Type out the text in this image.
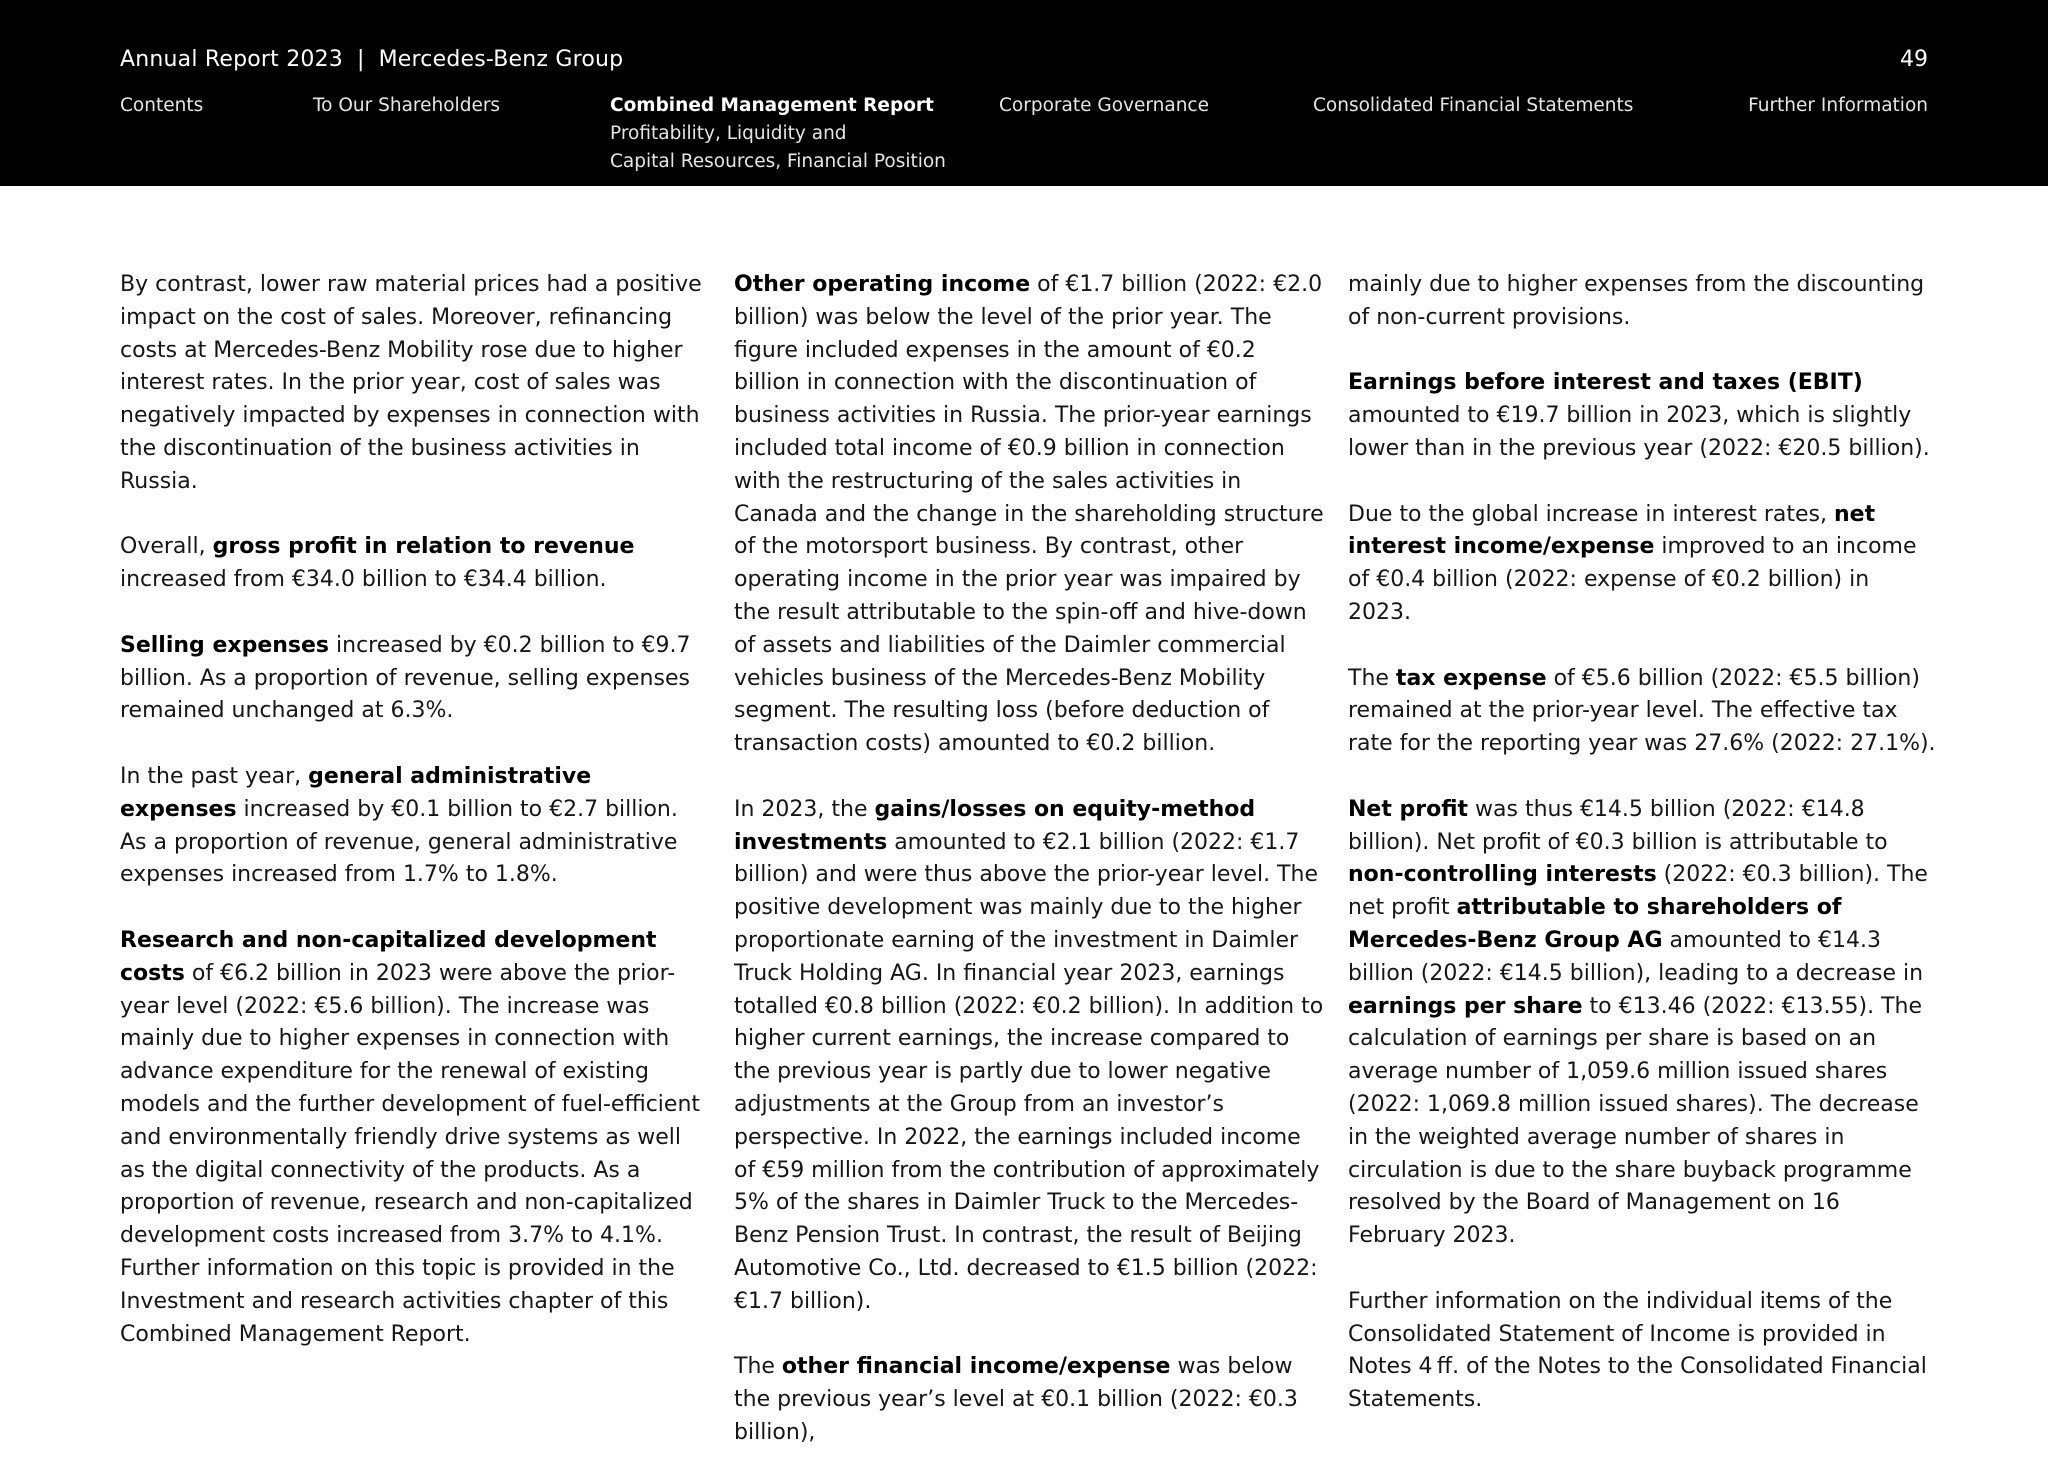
Annual Report 2023 | Mercedes-Benz Group	49
Contents	To Our Shareholders	Combined Management Report
Profitability, Liquidity and
Capital Resources, Financial Position
Corporate Governance	Consolidated Financial Statements	Further Information

By contrast, lower raw material prices had a positive impact on the cost of sales. Moreover, refinancing costs at Mercedes-Benz Mobility rose due to higher interest rates. In the prior year, cost of sales was negatively impacted by expenses in connection with the discontinuation of the business activities in Russia.

Overall, gross profit in relation to revenue increased from €34.0 billion to €34.4 billion.

Selling expenses increased by €0.2 billion to €9.7 billion. As a proportion of revenue, selling expenses remained unchanged at 6.3%.

In the past year, general administrative expenses increased by €0.1 billion to €2.7 billion. As a proportion of revenue, general administrative expenses increased from 1.7% to 1.8%.

Research and non-capitalized development costs of €6.2 billion in 2023 were above the prior-year level (2022: €5.6 billion). The increase was mainly due to higher expenses in connection with advance expenditure for the renewal of existing models and the further development of fuel-efficient and environmentally friendly drive systems as well as the digital connectivity of the products. As a proportion of revenue, research and non-capitalized development costs increased from 3.7% to 4.1%. Further information on this topic is provided in the Investment and research activities chapter of this Combined Management Report.

Other operating income of €1.7 billion (2022: €2.0 billion) was below the level of the prior year. The figure included expenses in the amount of €0.2 billion in connection with the discontinuation of business activities in Russia. The prior-year earnings included total income of €0.9 billion in connection with the restructuring of the sales activities in Canada and the change in the shareholding structure of the motorsport business. By contrast, other operating income in the prior year was impaired by the result attributable to the spin-off and hive-down of assets and liabilities of the Daimler commercial vehicles business of the Mercedes-Benz Mobility segment. The resulting loss (before deduction of transaction costs) amounted to €0.2 billion.

In 2023, the gains/losses on equity-method investments amounted to €2.1 billion (2022: €1.7 billion) and were thus above the prior-year level. The positive development was mainly due to the higher proportionate earning of the investment in Daimler Truck Holding AG. In financial year 2023, earnings totalled €0.8 billion (2022: €0.2 billion). In addition to higher current earnings, the increase compared to the previous year is partly due to lower negative adjustments at the Group from an investor’s perspective. In 2022, the earnings included income of €59 million from the contribution of approximately 5% of the shares in Daimler Truck to the Mercedes-Benz Pension Trust. In contrast, the result of Beijing Automotive Co., Ltd. decreased to €1.5 billion (2022: €1.7 billion).

The other financial income/expense was below the previous year’s level at €0.1 billion (2022: €0.3 billion),

mainly due to higher expenses from the discounting of non-current provisions.

Earnings before interest and taxes (EBIT) amounted to €19.7 billion in 2023, which is slightly lower than in the previous year (2022: €20.5 billion).

Due to the global increase in interest rates, net interest income/expense improved to an income of €0.4 billion (2022: expense of €0.2 billion) in 2023.

The tax expense of €5.6 billion (2022: €5.5 billion) remained at the prior-year level. The effective tax rate for the reporting year was 27.6% (2022: 27.1%).

Net profit was thus €14.5 billion (2022: €14.8 billion). Net profit of €0.3 billion is attributable to non-controlling interests (2022: €0.3 billion). The net profit attributable to shareholders of Mercedes-Benz Group AG amounted to €14.3 billion (2022: €14.5 billion), leading to a decrease in earnings per share to €13.46 (2022: €13.55). The calculation of earnings per share is based on an average number of 1,059.6 million issued shares (2022: 1,069.8 million issued shares). The decrease in the weighted average number of shares in circulation is due to the share buyback programme resolved by the Board of Management on 16 February 2023.

Further information on the individual items of the Consolidated Statement of Income is provided in Notes 4 ff. of the Notes to the Consolidated Financial Statements.
